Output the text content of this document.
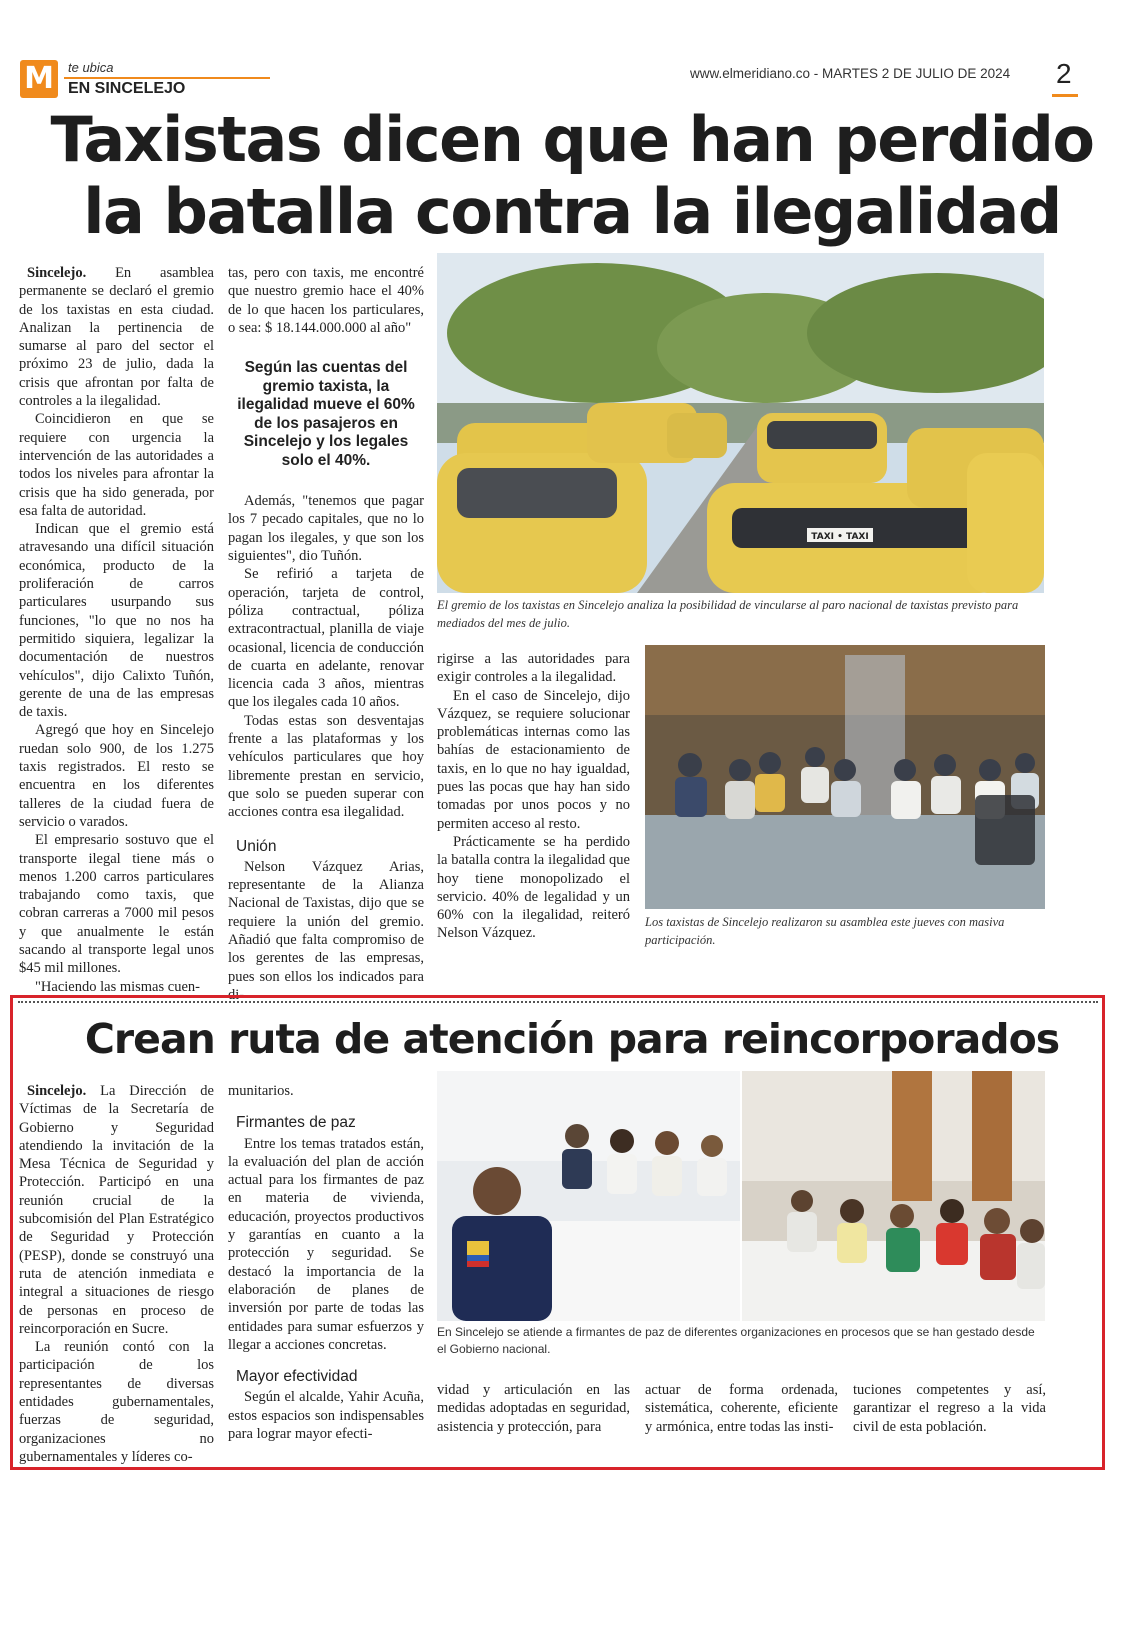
M	te ubica
EN SINCELEJO
www.elmeridiano.co - MARTES 2 DE JULIO DE 2024 2
Taxistas dicen que han perdido
la batalla contra la ilegalidad

Sincelejo. En asamblea permanente se declaró el gremio de los taxistas en esta ciudad. Analizan la pertinencia de sumarse al paro del sector el próximo 23 de julio, dada la crisis que afrontan por falta de controles a la ilegalidad.

Coincidieron en que se requiere con urgencia la intervención de las autoridades a todos los niveles para afrontar la crisis que ha sido generada, por esa falta de autoridad.

Indican que el gremio está atravesando una difícil situación económica, producto de la proliferación de carros particulares usurpando sus funciones, "lo que no nos ha permitido siquiera, legalizar la documentación de nuestros vehículos", dijo Calixto Tuñón, gerente de una de las empresas de taxis.

Agregó que hoy en Sincelejo ruedan solo 900, de los 1.275 taxis registrados. El resto se encuentra en los diferentes talleres de la ciudad fuera de servicio o varados.

El empresario sostuvo que el transporte ilegal tiene más o menos 1.200 carros particulares trabajando como taxis, que cobran carreras a 7000 mil pesos y que anualmente le están sacando al transporte legal unos $45 mil millones.

"Haciendo las mismas cuen-

tas, pero con taxis, me encontré que nuestro gremio hace el 40% de lo que hacen los particulares, o sea: $ 18.144.000.000 al año"

Según las cuentas del gremio taxista, la ilegalidad mueve el 60% de los pasajeros en Sincelejo y los legales solo el 40%.

Además, "tenemos que pagar los 7 pecado capitales, que no lo pagan los ilegales, y que son los siguientes", dio Tuñón.

Se refirió a tarjeta de operación, tarjeta de control, póliza contractual, póliza extracontractual, planilla de viaje ocasional, licencia de conducción de cuarta en adelante, renovar licencia cada 3 años, mientras que los ilegales cada 10 años.

Todas estas son desventajas frente a las plataformas y los vehículos particulares que hoy libremente prestan en servicio, que solo se pueden superar con acciones contra esa ilegalidad.

Unión

Nelson Vázquez Arias, representante de la Alianza Nacional de Taxistas, dijo que se requiere la unión del gremio. Añadió que falta compromiso de los gerentes de las empresas, pues son ellos los indicados para di-

TAXI • TAXI
El gremio de los taxistas en Sincelejo analiza la posibilidad de vincularse al paro nacional de taxistas previsto para mediados del mes de julio.

rigirse a las autoridades para exigir controles a la ilegalidad.

En el caso de Sincelejo, dijo Vázquez, se requiere solucionar problemáticas internas como las bahías de estacionamiento de taxis, en lo que no hay igualdad, pues las pocas que hay han sido tomadas por unos pocos y no permiten acceso al resto.

Prácticamente se ha perdido la batalla contra la ilegalidad que hoy tiene monopolizado el servicio. 40% de legalidad y un 60% con la ilegalidad, reiteró Nelson Vázquez.

Los taxistas de Sincelejo realizaron su asamblea este jueves con masiva participación.
Crean ruta de atención para reincorporados

Sincelejo. La Dirección de Víctimas de la Secretaría de Gobierno y Seguridad atendiendo la invitación de la Mesa Técnica de Seguridad y Protección. Participó en una reunión crucial de la subcomisión del Plan Estratégico de Seguridad y Protección (PESP), donde se construyó una ruta de atención inmediata e integral a situaciones de riesgo de personas en proceso de reincorporación en Sucre.

La reunión contó con la participación de los representantes de diversas entidades gubernamentales, fuerzas de seguridad, organizaciones no gubernamentales y líderes co-

munitarios.

Firmantes de paz

Entre los temas tratados están, la evaluación del plan de acción actual para los firmantes de paz en materia de vivienda, educación, proyectos productivos y garantías en cuanto a la protección y seguridad. Se destacó la importancia de la elaboración de planes de inversión por parte de todas las entidades para sumar esfuerzos y llegar a acciones concretas.

Mayor efectividad

Según el alcalde, Yahir Acuña, estos espacios son indispensables para lograr mayor efecti-

En Sincelejo se atiende a firmantes de paz de diferentes organizaciones en procesos que se han gestado desde el Gobierno nacional.

vidad y articulación en las medidas adoptadas en seguridad, asistencia y protección, para

actuar de forma ordenada, sistemática, coherente, eficiente y armónica, entre todas las insti-

tuciones competentes y así, garantizar el regreso a la vida civil de esta población.
